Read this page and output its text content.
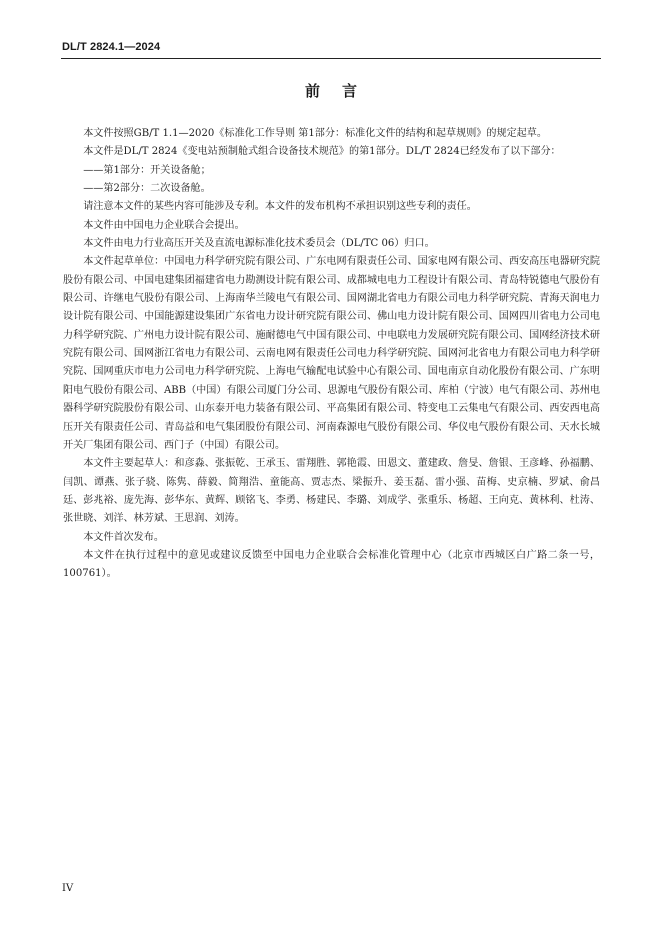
DL/T 2824.1—2024
前言

本文件按照GB/T 1.1—2020《标准化工作导则 第1部分：标准化文件的结构和起草规则》的规定起草。

本文件是DL/T 2824《变电站预制舱式组合设备技术规范》的第1部分。DL/T 2824已经发布了以下部分：

——第1部分：开关设备舱；

——第2部分：二次设备舱。

请注意本文件的某些内容可能涉及专利。本文件的发布机构不承担识别这些专利的责任。

本文件由中国电力企业联合会提出。

本文件由电力行业高压开关及直流电源标准化技术委员会（DL/TC 06）归口。

本文件起草单位：中国电力科学研究院有限公司、广东电网有限责任公司、国家电网有限公司、西安高压电器研究院股份有限公司、中国电建集团福建省电力勘测设计院有限公司、成都城电电力工程设计有限公司、青岛特锐德电气股份有限公司、许继电气股份有限公司、上海南华兰陵电气有限公司、国网湖北省电力有限公司电力科学研究院、青海天润电力设计院有限公司、中国能源建设集团广东省电力设计研究院有限公司、佛山电力设计院有限公司、国网四川省电力公司电力科学研究院、广州电力设计院有限公司、施耐德电气中国有限公司、中电联电力发展研究院有限公司、国网经济技术研究院有限公司、国网浙江省电力有限公司、云南电网有限责任公司电力科学研究院、国网河北省电力有限公司电力科学研究院、国网重庆市电力公司电力科学研究院、上海电气输配电试验中心有限公司、国电南京自动化股份有限公司、广东明阳电气股份有限公司、ABB（中国）有限公司厦门分公司、思源电气股份有限公司、库柏（宁波）电气有限公司、苏州电器科学研究院股份有限公司、山东泰开电力装备有限公司、平高集团有限公司、特变电工云集电气有限公司、西安西电高压开关有限责任公司、青岛益和电气集团股份有限公司、河南森源电气股份有限公司、华仪电气股份有限公司、天水长城开关厂集团有限公司、西门子（中国）有限公司。

本文件主要起草人：和彦淼、张振乾、王承玉、雷翔胜、郭艳霞、田恩文、董建政、詹旻、詹银、王彦峰、孙福鹏、闫凯、谭燕、张子骁、陈隽、薛毅、简翔浩、童能高、贾志杰、梁振升、姜玉磊、雷小强、苗梅、史京楠、罗斌、俞昌廷、彭兆裕、庞先海、彭华东、黄辉、顾铭飞、李勇、杨建民、李璐、刘成学、张重乐、杨超、王向克、黄林利、杜涛、张世晓、刘洋、林芳斌、王思润、刘涛。

本文件首次发布。

本文件在执行过程中的意见或建议反馈至中国电力企业联合会标准化管理中心（北京市西城区白广路二条一号，100761）。

IV
